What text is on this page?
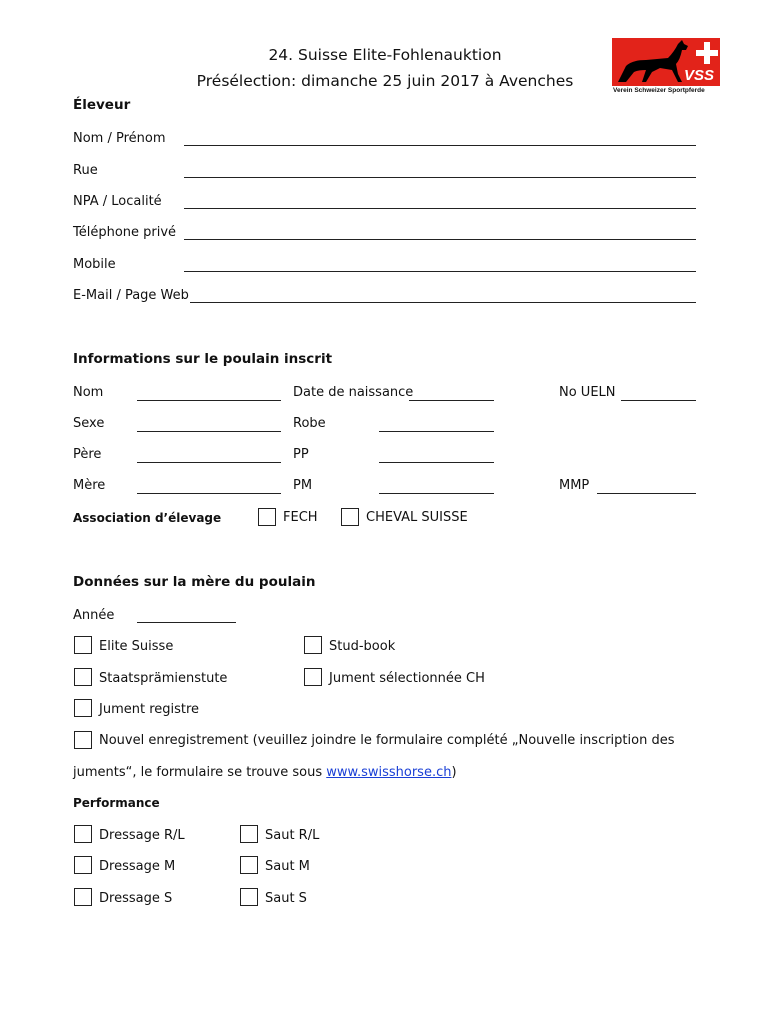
24. Suisse Elite-Fohlenauktion
Présélection: dimanche 25 juin 2017 à Avenches	VSS
Verein Schweizer Sportpferde
Éleveur
Nom / Prénom
Rue
NPA / Localité
Téléphone privé
Mobile
E-Mail / Page Web
Informations sur le poulain inscrit
Nom	Date de naissance	No UELN
Sexe	Robe
Père	PP
Mère	PM	MMP
Association d’élevage	FECH	CHEVAL SUISSE
Données sur la mère du poulain
Année
Elite Suisse	Stud-book
Staatsprämienstute	Jument sélectionnée CH
Jument registre
Nouvel enregistrement (veuillez joindre le formulaire complété „Nouvelle inscription des
juments“, le formulaire se trouve sous www.swisshorse.ch)
Performance
Dressage R/L	Saut R/L
Dressage M	Saut M
Dressage S	Saut S
